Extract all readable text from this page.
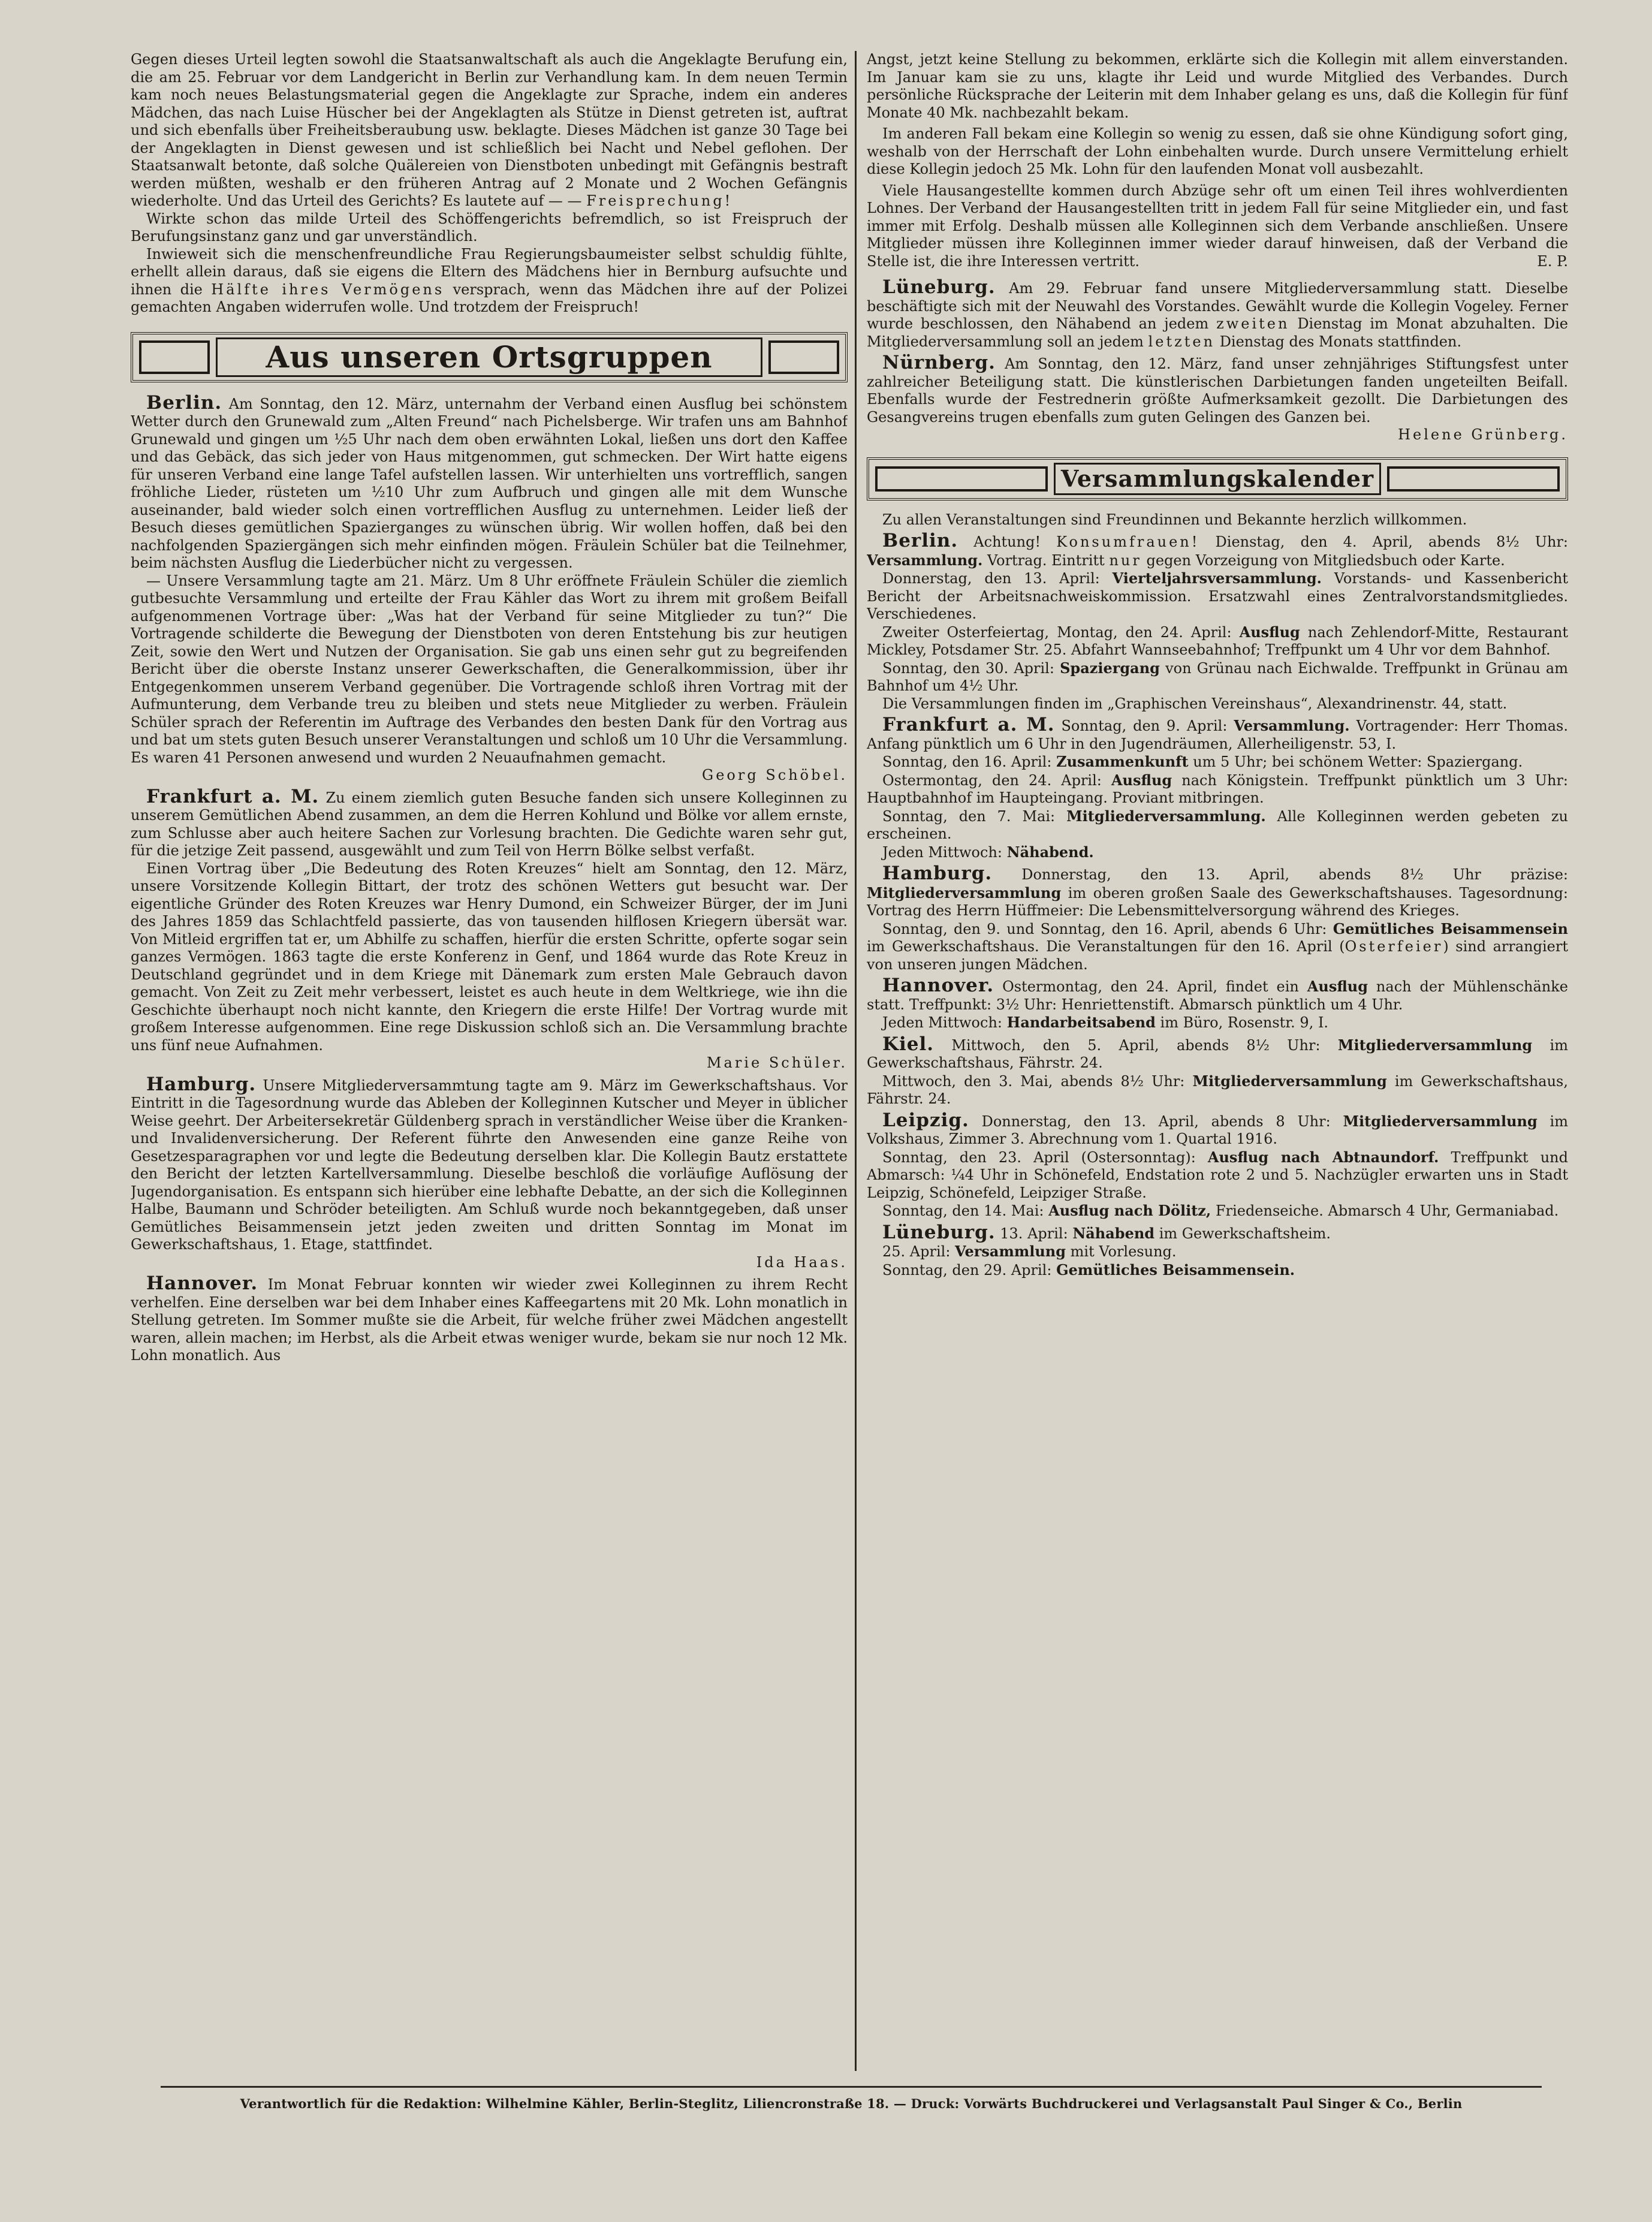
Gegen dieses Urteil legten sowohl die Staatsanwaltschaft als auch die Angeklagte Berufung ein, die am 25. Februar vor dem Landgericht in Berlin zur Verhandlung kam. In dem neuen Termin kam noch neues Belastungsmaterial gegen die Angeklagte zur Sprache, indem ein anderes Mädchen, das nach Luise Hüscher bei der Angeklagten als Stütze in Dienst getreten ist, auftrat und sich ebenfalls über Freiheitsberaubung usw. beklagte. Dieses Mädchen ist ganze 30 Tage bei der Angeklagten in Dienst gewesen und ist schließlich bei Nacht und Nebel geflohen. Der Staatsanwalt betonte, daß solche Quälereien von Dienstboten unbedingt mit Gefängnis bestraft werden müßten, weshalb er den früheren Antrag auf 2 Monate und 2 Wochen Gefängnis wiederholte. Und das Urteil des Gerichts? Es lautete auf — — Freisprechung!

Wirkte schon das milde Urteil des Schöffengerichts befremdlich, so ist Freispruch der Berufungsinstanz ganz und gar unverständlich.

Inwieweit sich die menschenfreundliche Frau Regierungsbaumeister selbst schuldig fühlte, erhellt allein daraus, daß sie eigens die Eltern des Mädchens hier in Bernburg aufsuchte und ihnen die Hälfte ihres Vermögens versprach, wenn das Mädchen ihre auf der Polizei gemachten Angaben widerrufen wolle. Und trotzdem der Freispruch!

Aus unseren Ortsgruppen

Berlin. Am Sonntag, den 12. März, unternahm der Verband einen Ausflug bei schönstem Wetter durch den Grunewald zum „Alten Freund“ nach Pichelsberge. Wir trafen uns am Bahnhof Grunewald und gingen um ½5 Uhr nach dem oben erwähnten Lokal, ließen uns dort den Kaffee und das Gebäck, das sich jeder von Haus mitgenommen, gut schmecken. Der Wirt hatte eigens für unseren Verband eine lange Tafel aufstellen lassen. Wir unterhielten uns vortrefflich, sangen fröhliche Lieder, rüsteten um ½10 Uhr zum Aufbruch und gingen alle mit dem Wunsche auseinander, bald wieder solch einen vortrefflichen Ausflug zu unternehmen. Leider ließ der Besuch dieses gemütlichen Spazierganges zu wünschen übrig. Wir wollen hoffen, daß bei den nachfolgenden Spaziergängen sich mehr einfinden mögen. Fräulein Schüler bat die Teilnehmer, beim nächsten Ausflug die Liederbücher nicht zu vergessen.

— Unsere Versammlung tagte am 21. März. Um 8 Uhr eröffnete Fräulein Schüler die ziemlich gutbesuchte Versammlung und erteilte der Frau Kähler das Wort zu ihrem mit großem Beifall aufgenommenen Vortrage über: „Was hat der Verband für seine Mitglieder zu tun?“ Die Vortragende schilderte die Bewegung der Dienstboten von deren Entstehung bis zur heutigen Zeit, sowie den Wert und Nutzen der Organisation. Sie gab uns einen sehr gut zu begreifenden Bericht über die oberste Instanz unserer Gewerkschaften, die Generalkommission, über ihr Entgegenkommen unserem Verband gegenüber. Die Vortragende schloß ihren Vortrag mit der Aufmunterung, dem Verbande treu zu bleiben und stets neue Mitglieder zu werben. Fräulein Schüler sprach der Referentin im Auftrage des Verbandes den besten Dank für den Vortrag aus und bat um stets guten Besuch unserer Veranstaltungen und schloß um 10 Uhr die Versammlung. Es waren 41 Personen anwesend und wurden 2 Neuaufnahmen gemacht.
Georg Schöbel.

Frankfurt a. M. Zu einem ziemlich guten Besuche fanden sich unsere Kolleginnen zu unserem Gemütlichen Abend zusammen, an dem die Herren Kohlund und Bölke vor allem ernste, zum Schlusse aber auch heitere Sachen zur Vorlesung brachten. Die Gedichte waren sehr gut, für die jetzige Zeit passend, ausgewählt und zum Teil von Herrn Bölke selbst verfaßt.

Einen Vortrag über „Die Bedeutung des Roten Kreuzes“ hielt am Sonntag, den 12. März, unsere Vorsitzende Kollegin Bittart, der trotz des schönen Wetters gut besucht war. Der eigentliche Gründer des Roten Kreuzes war Henry Dumond, ein Schweizer Bürger, der im Juni des Jahres 1859 das Schlachtfeld passierte, das von tausenden hilflosen Kriegern übersät war. Von Mitleid ergriffen tat er, um Abhilfe zu schaffen, hierfür die ersten Schritte, opferte sogar sein ganzes Vermögen. 1863 tagte die erste Konferenz in Genf, und 1864 wurde das Rote Kreuz in Deutschland gegründet und in dem Kriege mit Dänemark zum ersten Male Gebrauch davon gemacht. Von Zeit zu Zeit mehr verbessert, leistet es auch heute in dem Weltkriege, wie ihn die Geschichte überhaupt noch nicht kannte, den Kriegern die erste Hilfe! Der Vortrag wurde mit großem Interesse aufgenommen. Eine rege Diskussion schloß sich an. Die Versammlung brachte uns fünf neue Aufnahmen.
Marie Schüler.

Hamburg. Unsere Mitgliederversammtung tagte am 9. März im Gewerkschaftshaus. Vor Eintritt in die Tagesordnung wurde das Ableben der Kolleginnen Kutscher und Meyer in üblicher Weise geehrt. Der Arbeitersekretär Güldenberg sprach in verständlicher Weise über die Kranken- und Invalidenversicherung. Der Referent führte den Anwesenden eine ganze Reihe von Gesetzesparagraphen vor und legte die Bedeutung derselben klar. Die Kollegin Bautz erstattete den Bericht der letzten Kartellversammlung. Dieselbe beschloß die vorläufige Auflösung der Jugendorganisation. Es entspann sich hierüber eine lebhafte Debatte, an der sich die Kolleginnen Halbe, Baumann und Schröder beteiligten. Am Schluß wurde noch bekanntgegeben, daß unser Gemütliches Beisammensein jetzt jeden zweiten und dritten Sonntag im Monat im Gewerkschaftshaus, 1. Etage, stattfindet.
Ida Haas.

Hannover. Im Monat Februar konnten wir wieder zwei Kolleginnen zu ihrem Recht verhelfen. Eine derselben war bei dem Inhaber eines Kaffeegartens mit 20 Mk. Lohn monatlich in Stellung getreten. Im Sommer mußte sie die Arbeit, für welche früher zwei Mädchen angestellt waren, allein machen; im Herbst, als die Arbeit etwas weniger wurde, bekam sie nur noch 12 Mk. Lohn monatlich. Aus

Angst, jetzt keine Stellung zu bekommen, erklärte sich die Kollegin mit allem einverstanden. Im Januar kam sie zu uns, klagte ihr Leid und wurde Mitglied des Verbandes. Durch persönliche Rücksprache der Leiterin mit dem Inhaber gelang es uns, daß die Kollegin für fünf Monate 40 Mk. nachbezahlt bekam.

Im anderen Fall bekam eine Kollegin so wenig zu essen, daß sie ohne Kündigung sofort ging, weshalb von der Herrschaft der Lohn einbehalten wurde. Durch unsere Vermittelung erhielt diese Kollegin jedoch 25 Mk. Lohn für den laufenden Monat voll ausbezahlt.

Viele Hausangestellte kommen durch Abzüge sehr oft um einen Teil ihres wohlverdienten Lohnes. Der Verband der Hausangestellten tritt in jedem Fall für seine Mitglieder ein, und fast immer mit Erfolg. Deshalb müssen alle Kolleginnen sich dem Verbande anschließen. Unsere Mitglieder müssen ihre Kolleginnen immer wieder darauf hinweisen, daß der Verband die Stelle ist, die ihre Interessen vertritt.	E. P.

Lüneburg. Am 29. Februar fand unsere Mitgliederversammlung statt. Dieselbe beschäftigte sich mit der Neuwahl des Vorstandes. Gewählt wurde die Kollegin Vogeley. Ferner wurde beschlossen, den Nähabend an jedem zweiten Dienstag im Monat abzuhalten. Die Mitgliederversammlung soll an jedem letzten Dienstag des Monats stattfinden.

Nürnberg. Am Sonntag, den 12. März, fand unser zehnjähriges Stiftungsfest unter zahlreicher Beteiligung statt. Die künstlerischen Darbietungen fanden ungeteilten Beifall. Ebenfalls wurde der Festrednerin größte Aufmerksamkeit gezollt. Die Darbietungen des Gesangvereins trugen ebenfalls zum guten Gelingen des Ganzen bei.
Helene Grünberg.

Versammlungskalender

Zu allen Veranstaltungen sind Freundinnen und Bekannte herzlich willkommen.

Berlin. Achtung! Konsumfrauen! Dienstag, den 4. April, abends 8½ Uhr: Versammlung. Vortrag. Eintritt nur gegen Vorzeigung von Mitgliedsbuch oder Karte.

Donnerstag, den 13. April: Vierteljahrsversammlung. Vorstands- und Kassenbericht Bericht der Arbeitsnachweiskommission. Ersatzwahl eines Zentralvorstandsmitgliedes. Verschiedenes.

Zweiter Osterfeiertag, Montag, den 24. April: Ausflug nach Zehlendorf-Mitte, Restaurant Mickley, Potsdamer Str. 25. Abfahrt Wannseebahnhof; Treffpunkt um 4 Uhr vor dem Bahnhof.

Sonntag, den 30. April: Spaziergang von Grünau nach Eichwalde. Treffpunkt in Grünau am Bahnhof um 4½ Uhr.

Die Versammlungen finden im „Graphischen Vereinshaus“, Alexandrinenstr. 44, statt.

Frankfurt a. M. Sonntag, den 9. April: Versammlung. Vortragender: Herr Thomas. Anfang pünktlich um 6 Uhr in den Jugendräumen, Allerheiligenstr. 53, I.

Sonntag, den 16. April: Zusammenkunft um 5 Uhr; bei schönem Wetter: Spaziergang.

Ostermontag, den 24. April: Ausflug nach Königstein. Treffpunkt pünktlich um 3 Uhr: Hauptbahnhof im Haupteingang. Proviant mitbringen.

Sonntag, den 7. Mai: Mitgliederversammlung. Alle Kolleginnen werden gebeten zu erscheinen.

Jeden Mittwoch: Nähabend.

Hamburg. Donnerstag, den 13. April, abends 8½ Uhr präzise: Mitgliederversammlung im oberen großen Saale des Gewerkschaftshauses. Tagesordnung: Vortrag des Herrn Hüffmeier: Die Lebensmittelversorgung während des Krieges.

Sonntag, den 9. und Sonntag, den 16. April, abends 6 Uhr: Gemütliches Beisammensein im Gewerkschaftshaus. Die Veranstaltungen für den 16. April (Osterfeier) sind arrangiert von unseren jungen Mädchen.

Hannover. Ostermontag, den 24. April, findet ein Ausflug nach der Mühlenschänke statt. Treffpunkt: 3½ Uhr: Henriettenstift. Abmarsch pünktlich um 4 Uhr.

Jeden Mittwoch: Handarbeitsabend im Büro, Rosenstr. 9, I.

Kiel. Mittwoch, den 5. April, abends 8½ Uhr: Mitgliederversammlung im Gewerkschaftshaus, Fährstr. 24.

Mittwoch, den 3. Mai, abends 8½ Uhr: Mitgliederversammlung im Gewerkschaftshaus, Fährstr. 24.

Leipzig. Donnerstag, den 13. April, abends 8 Uhr: Mitgliederversammlung im Volkshaus, Zimmer 3. Abrechnung vom 1. Quartal 1916.

Sonntag, den 23. April (Ostersonntag): Ausflug nach Abtnaundorf. Treffpunkt und Abmarsch: ¼4 Uhr in Schönefeld, Endstation rote 2 und 5. Nachzügler erwarten uns in Stadt Leipzig, Schönefeld, Leipziger Straße.

Sonntag, den 14. Mai: Ausflug nach Dölitz, Friedenseiche. Abmarsch 4 Uhr, Germaniabad.

Lüneburg. 13. April: Nähabend im Gewerkschaftsheim.

25. April: Versammlung mit Vorlesung.

Sonntag, den 29. April: Gemütliches Beisammensein.

Verantwortlich für die Redaktion: Wilhelmine Kähler, Berlin-Steglitz, Liliencronstraße 18. — Druck: Vorwärts Buchdruckerei und Verlagsanstalt Paul Singer & Co., Berlin
